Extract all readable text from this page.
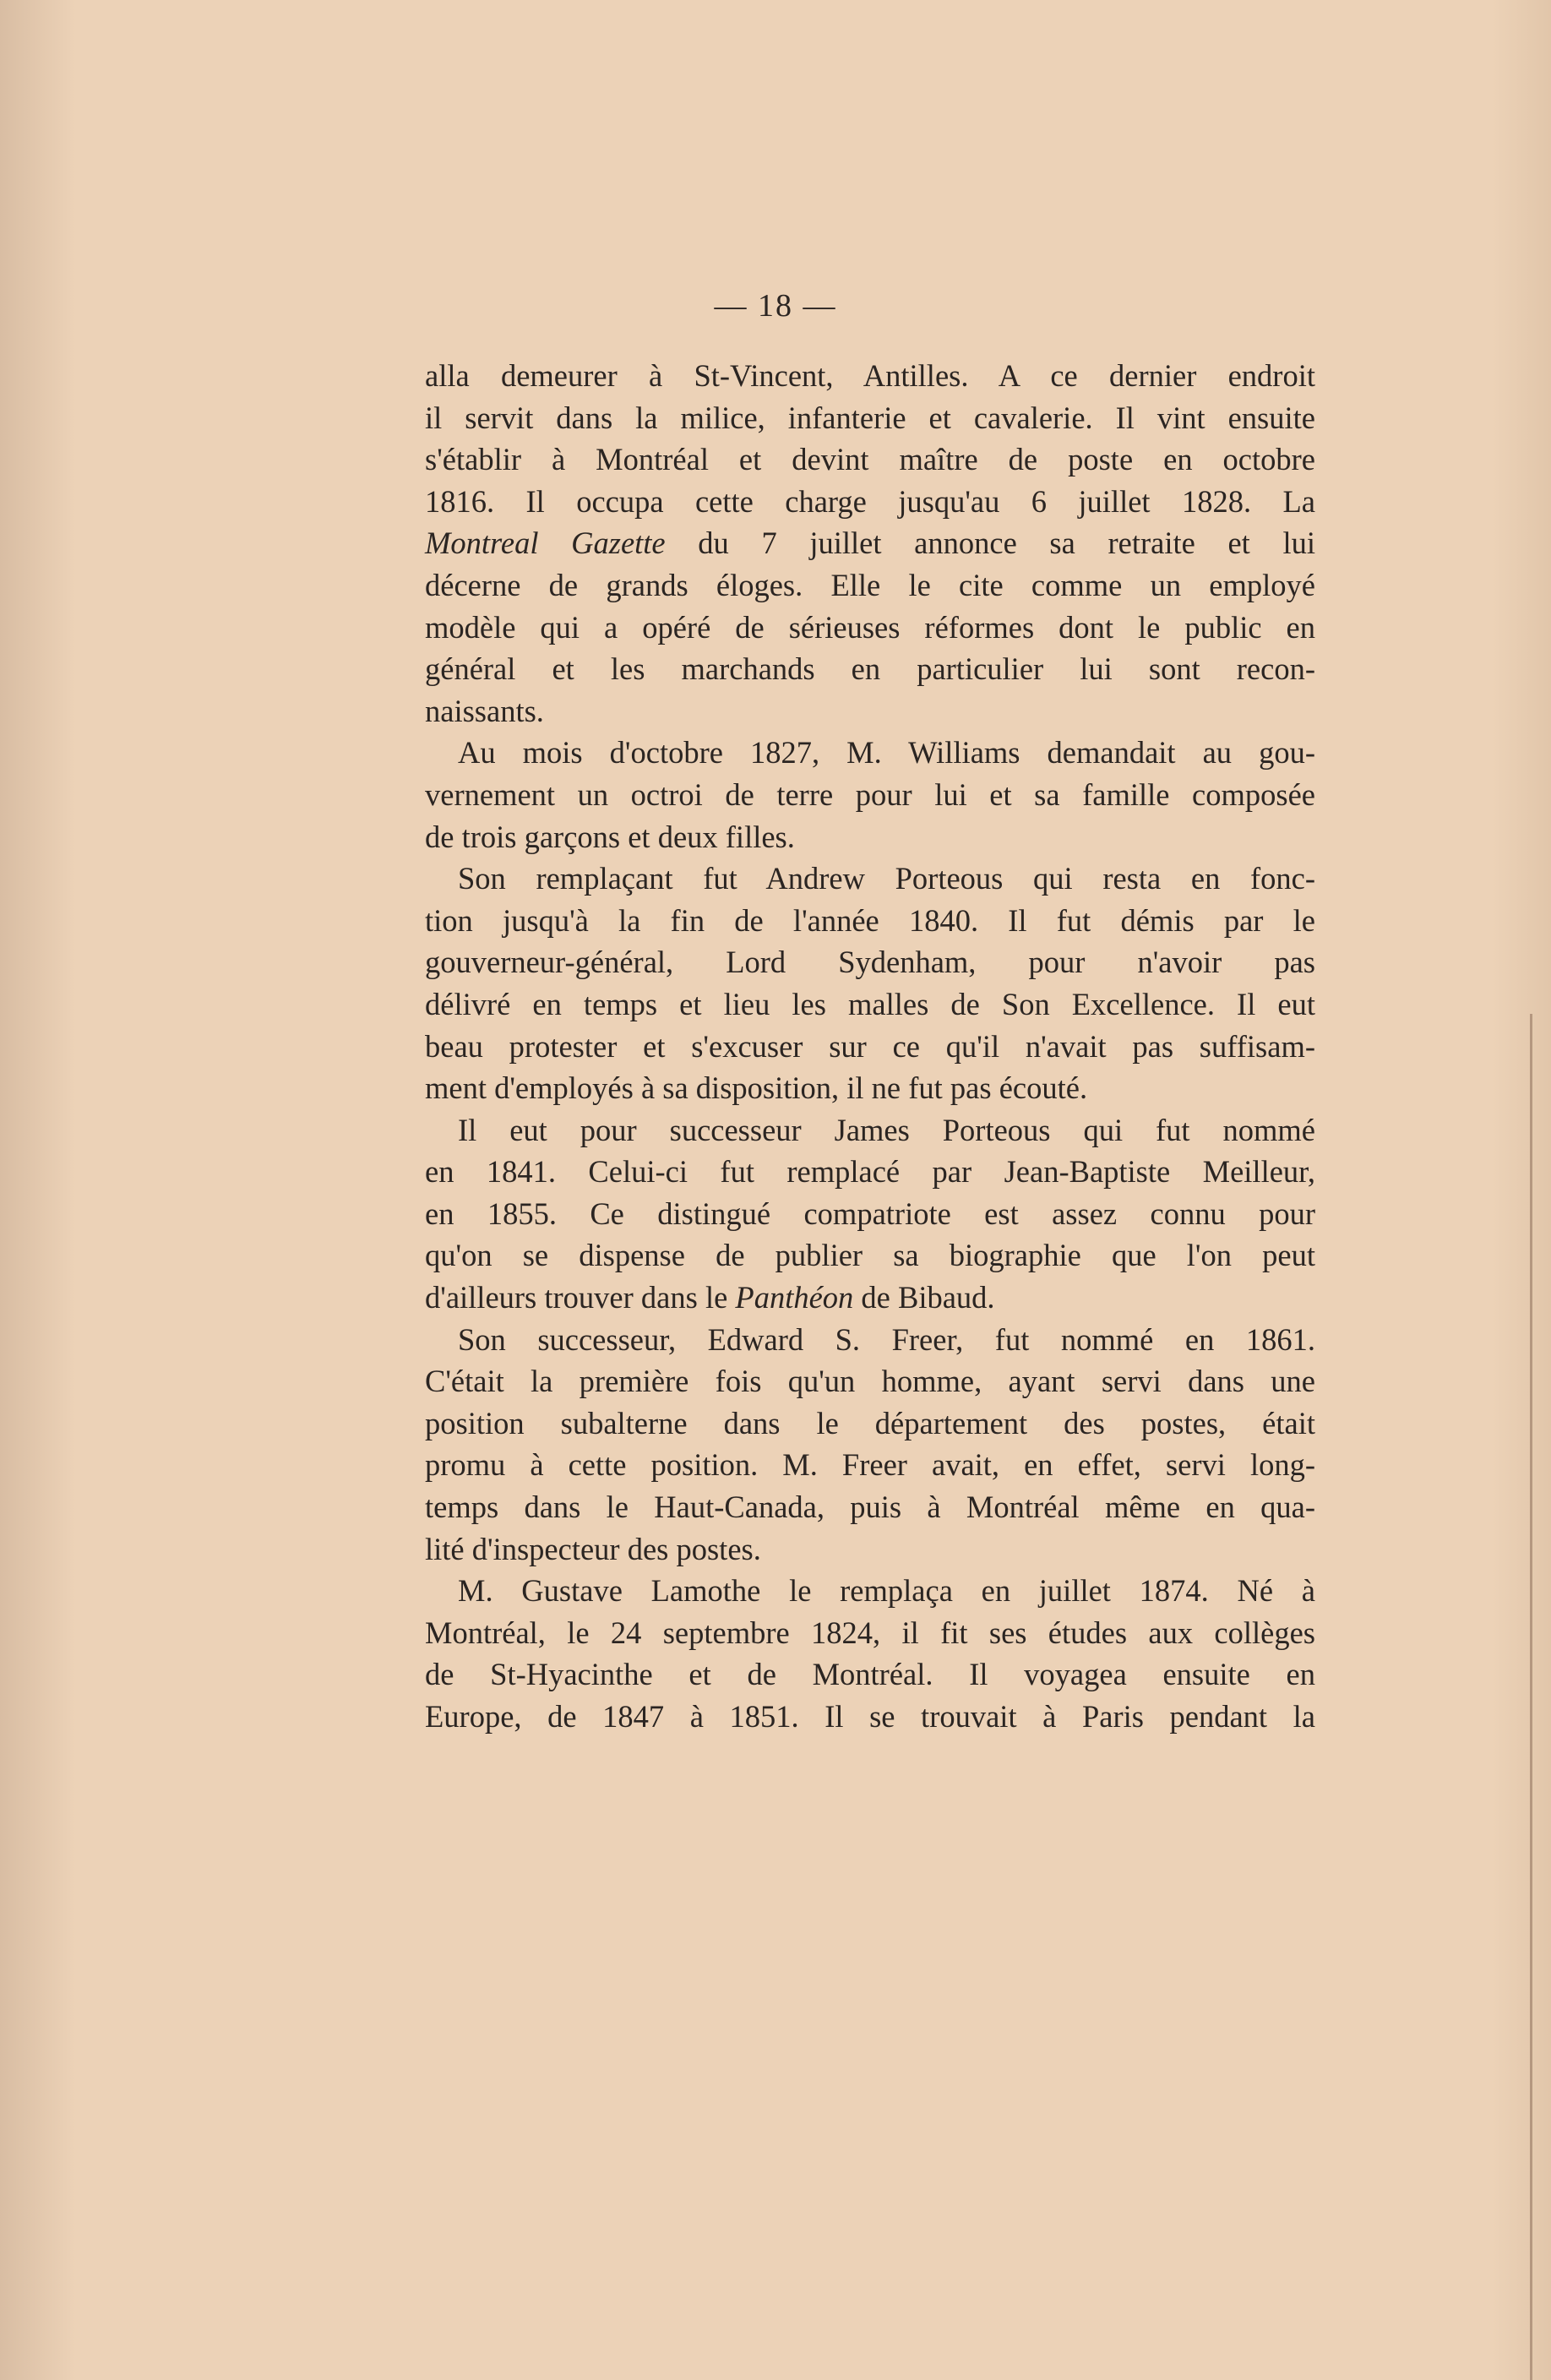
— 18 —

alla demeurer à St-Vincent, Antilles. A ce dernier endroit
il servit dans la milice, infanterie et cavalerie. Il vint ensuite
s'établir à Montréal et devint maître de poste en octobre
1816. Il occupa cette charge jusqu'au 6 juillet 1828. La
Montreal Gazette du 7 juillet annonce sa retraite et lui
décerne de grands éloges. Elle le cite comme un employé
modèle qui a opéré de sérieuses réformes dont le public en
général et les marchands en particulier lui sont recon-
naissants.

Au mois d'octobre 1827, M. Williams demandait au gou-
vernement un octroi de terre pour lui et sa famille composée
de trois garçons et deux filles.

Son remplaçant fut Andrew Porteous qui resta en fonc-
tion jusqu'à la fin de l'année 1840. Il fut démis par le
gouverneur-général, Lord Sydenham, pour n'avoir pas
délivré en temps et lieu les malles de Son Excellence. Il eut
beau protester et s'excuser sur ce qu'il n'avait pas suffisam-
ment d'employés à sa disposition, il ne fut pas écouté.

Il eut pour successeur James Porteous qui fut nommé
en 1841. Celui-ci fut remplacé par Jean-Baptiste Meilleur,
en 1855. Ce distingué compatriote est assez connu pour
qu'on se dispense de publier sa biographie que l'on peut
d'ailleurs trouver dans le Panthéon de Bibaud.

Son successeur, Edward S. Freer, fut nommé en 1861.
C'était la première fois qu'un homme, ayant servi dans une
position subalterne dans le département des postes, était
promu à cette position. M. Freer avait, en effet, servi long-
temps dans le Haut-Canada, puis à Montréal même en qua-
lité d'inspecteur des postes.

M. Gustave Lamothe le remplaça en juillet 1874. Né à
Montréal, le 24 septembre 1824, il fit ses études aux collèges
de St-Hyacinthe et de Montréal. Il voyagea ensuite en
Europe, de 1847 à 1851. Il se trouvait à Paris pendant la
